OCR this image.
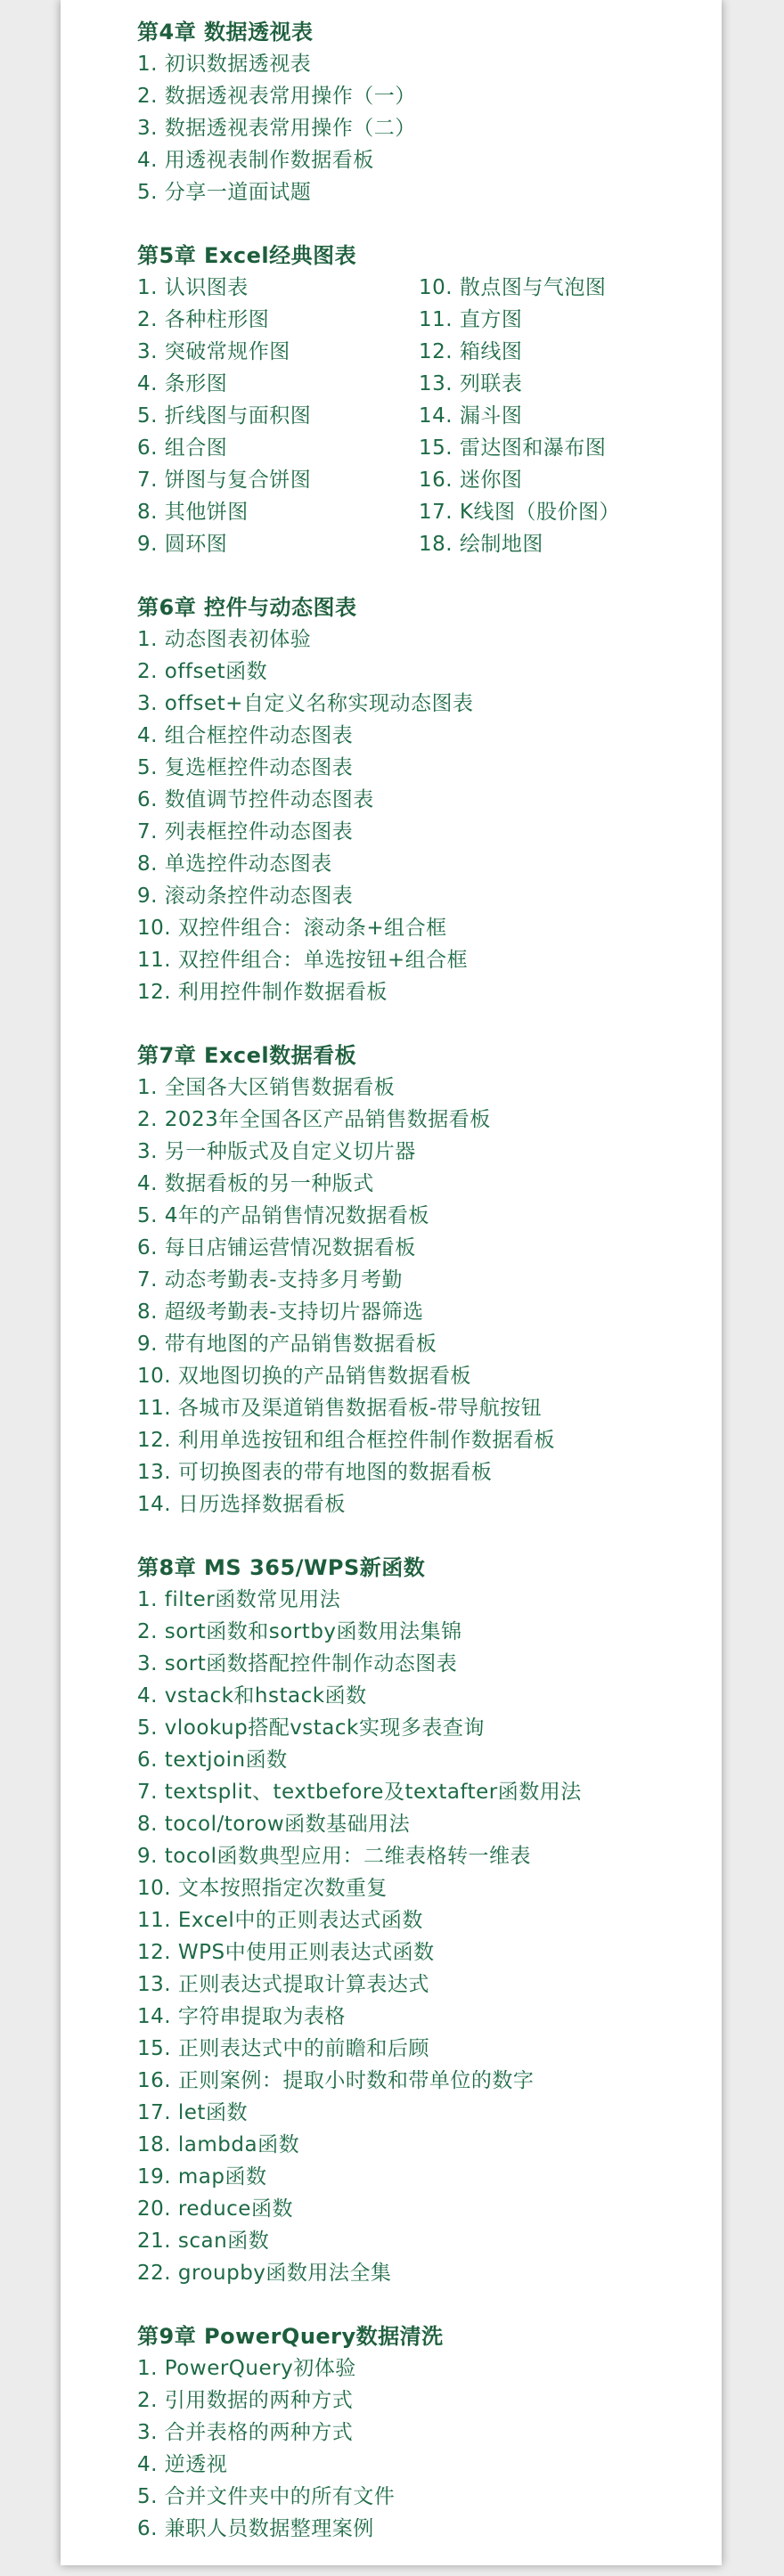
第4章 数据透视表
1. 初识数据透视表
2. 数据透视表常用操作（一）
3. 数据透视表常用操作（二）
4. 用透视表制作数据看板
5. 分享一道面试题
第5章 Excel经典图表
1. 认识图表
2. 各种柱形图
3. 突破常规作图
4. 条形图
5. 折线图与面积图
6. 组合图
7. 饼图与复合饼图
8. 其他饼图
9. 圆环图
10. 散点图与气泡图
11. 直方图
12. 箱线图
13. 列联表
14. 漏斗图
15. 雷达图和瀑布图
16. 迷你图
17. K线图（股价图）
18. 绘制地图
第6章 控件与动态图表
1. 动态图表初体验
2. offset函数
3. offset+自定义名称实现动态图表
4. 组合框控件动态图表
5. 复选框控件动态图表
6. 数值调节控件动态图表
7. 列表框控件动态图表
8. 单选控件动态图表
9. 滚动条控件动态图表
10. 双控件组合：滚动条+组合框
11. 双控件组合：单选按钮+组合框
12. 利用控件制作数据看板
第7章 Excel数据看板
1. 全国各大区销售数据看板
2. 2023年全国各区产品销售数据看板
3. 另一种版式及自定义切片器
4. 数据看板的另一种版式
5. 4年的产品销售情况数据看板
6. 每日店铺运营情况数据看板
7. 动态考勤表-支持多月考勤
8. 超级考勤表-支持切片器筛选
9. 带有地图的产品销售数据看板
10. 双地图切换的产品销售数据看板
11. 各城市及渠道销售数据看板-带导航按钮
12. 利用单选按钮和组合框控件制作数据看板
13. 可切换图表的带有地图的数据看板
14. 日历选择数据看板
第8章 MS 365/WPS新函数
1. filter函数常见用法
2. sort函数和sortby函数用法集锦
3. sort函数搭配控件制作动态图表
4. vstack和hstack函数
5. vlookup搭配vstack实现多表查询
6. textjoin函数
7. textsplit、textbefore及textafter函数用法
8. tocol/torow函数基础用法
9. tocol函数典型应用：二维表格转一维表
10. 文本按照指定次数重复
11. Excel中的正则表达式函数
12. WPS中使用正则表达式函数
13. 正则表达式提取计算表达式
14. 字符串提取为表格
15. 正则表达式中的前瞻和后顾
16. 正则案例：提取小时数和带单位的数字
17. let函数
18. lambda函数
19. map函数
20. reduce函数
21. scan函数
22. groupby函数用法全集
第9章 PowerQuery数据清洗
1. PowerQuery初体验
2. 引用数据的两种方式
3. 合并表格的两种方式
4. 逆透视
5. 合并文件夹中的所有文件
6. 兼职人员数据整理案例
